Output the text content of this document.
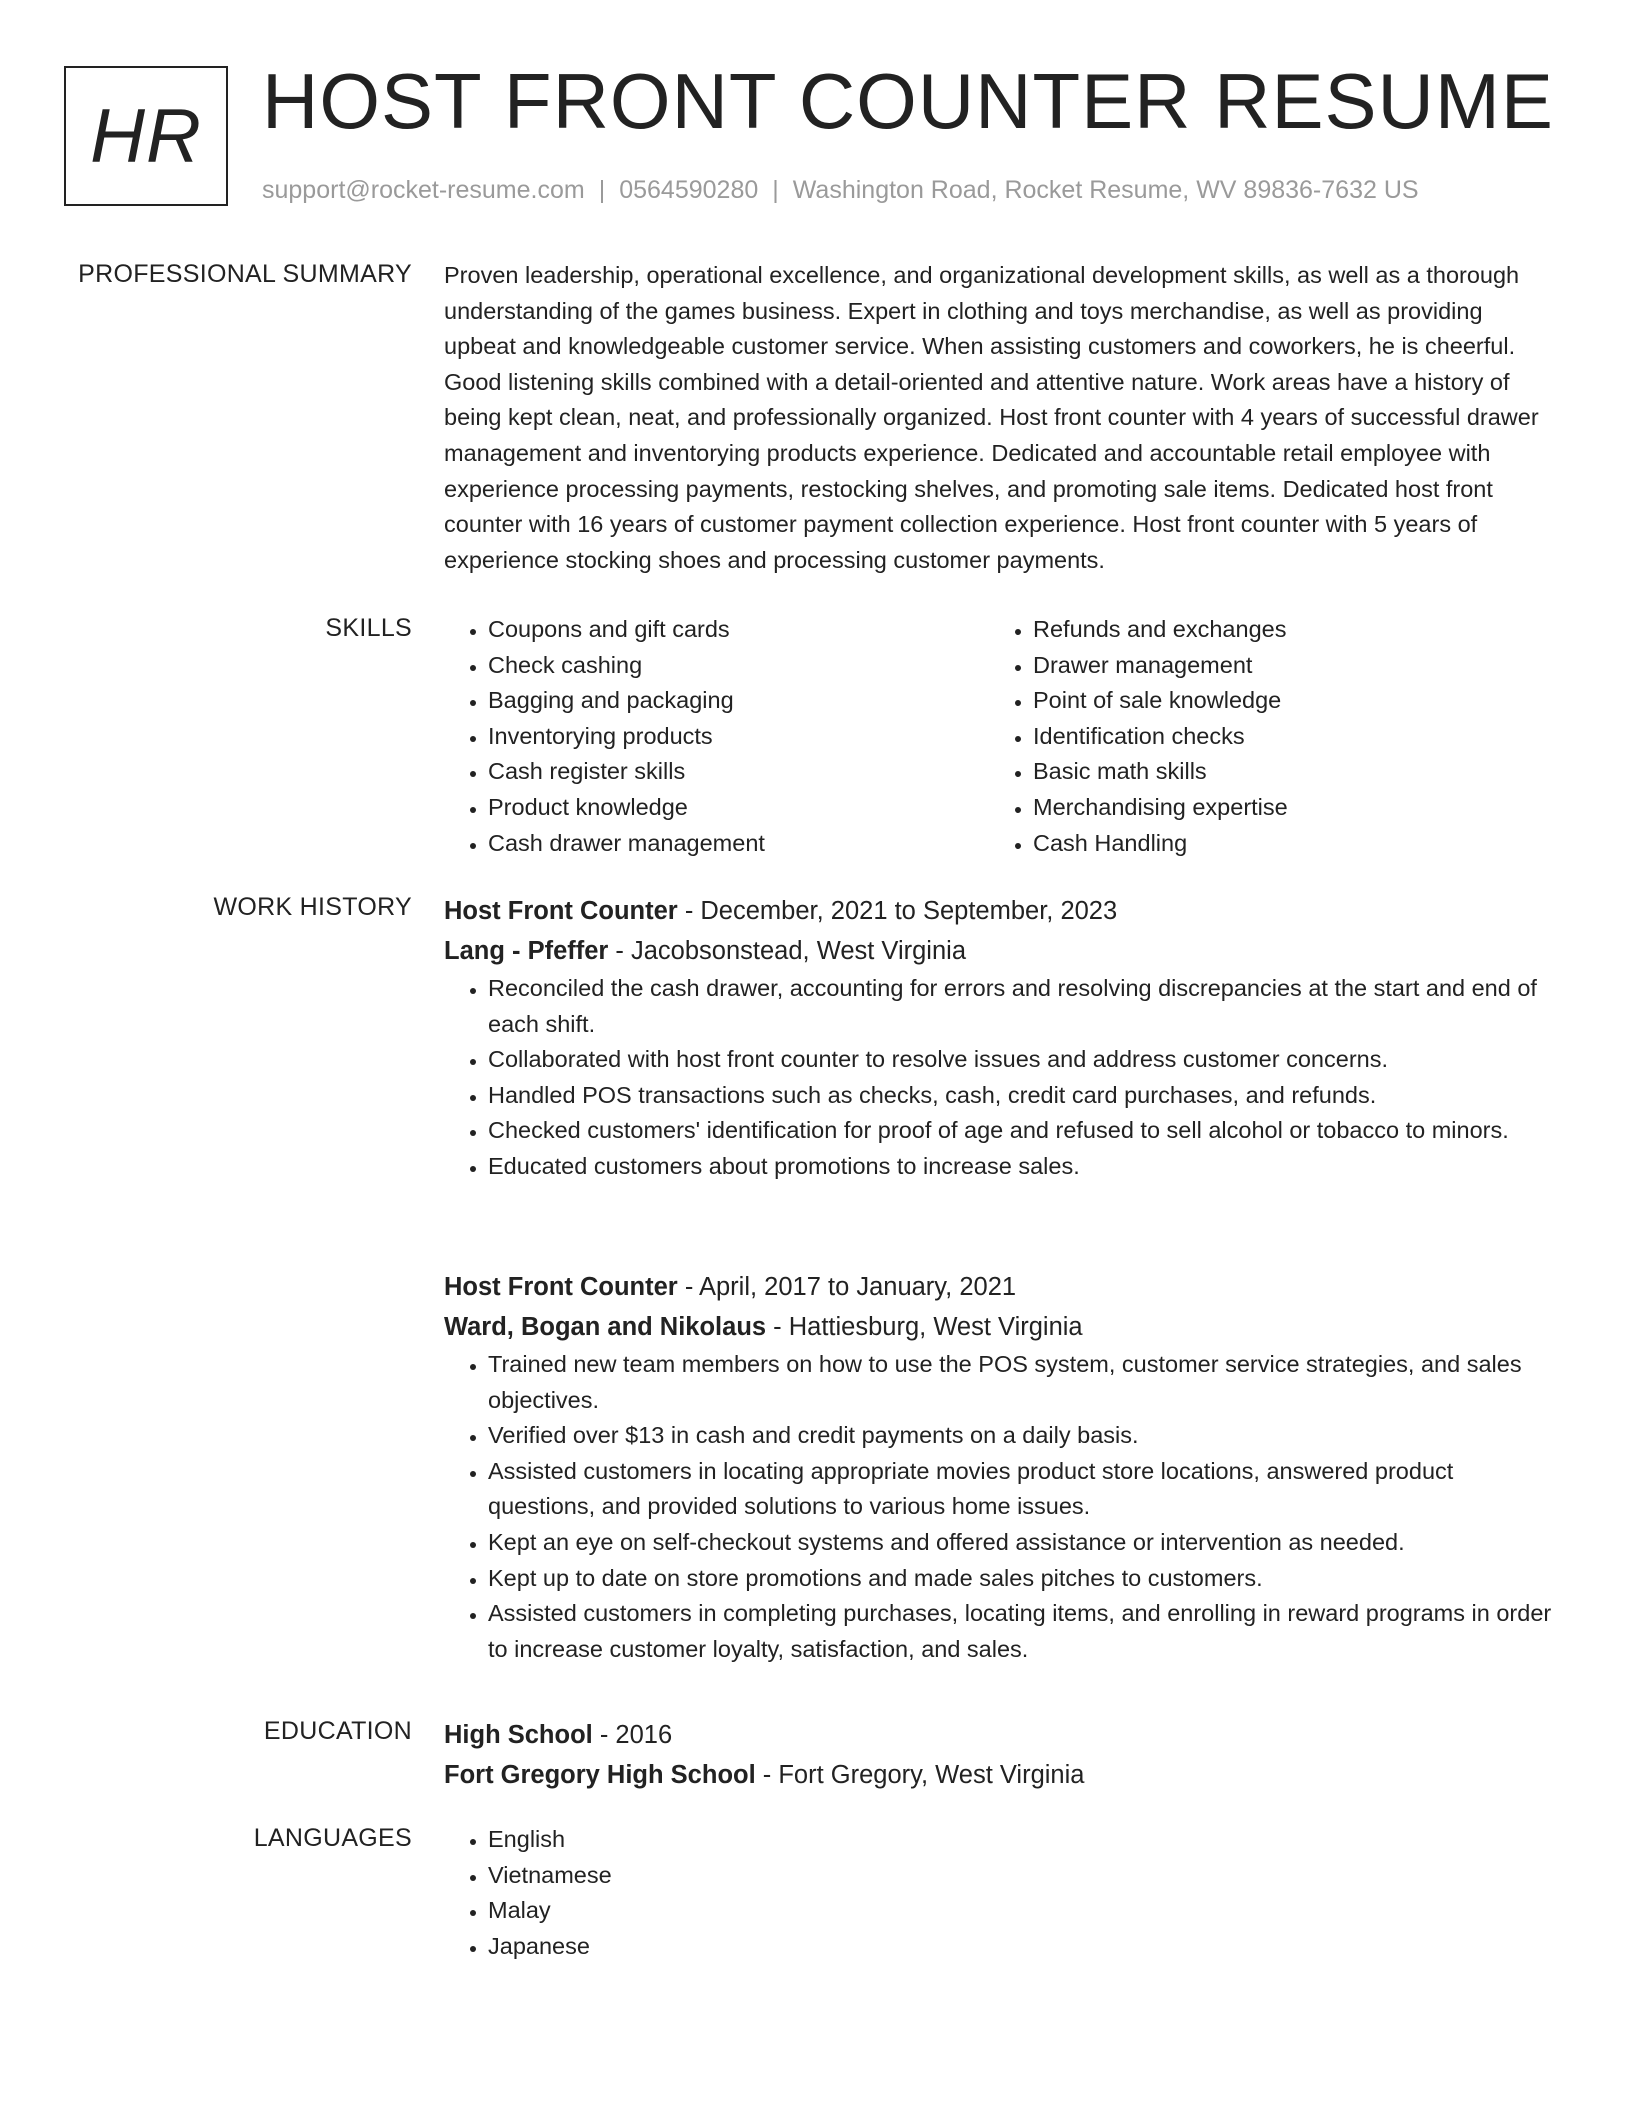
HR HOST FRONT COUNTER RESUME
support@rocket-resume.com | 0564590280 | Washington Road, Rocket Resume, WV 89836-7632 US
PROFESSIONAL SUMMARY Proven leadership, operational excellence, and organizational development skills, as well as a thorough understanding of the games business. Expert in clothing and toys merchandise, as well as providing upbeat and knowledgeable customer service. When assisting customers and coworkers, he is cheerful. Good listening skills combined with a detail-oriented and attentive nature. Work areas have a history of being kept clean, neat, and professionally organized. Host front counter with 4 years of successful drawer management and inventorying products experience. Dedicated and accountable retail employee with experience processing payments, restocking shelves, and promoting sale items. Dedicated host front counter with 16 years of customer payment collection experience. Host front counter with 5 years of experience stocking shoes and processing customer payments.

SKILLS	• Coupons and gift cards
• Check cashing
• Bagging and packaging
• Inventorying products
• Cash register skills
• Product knowledge
• Cash drawer management
• Refunds and exchanges
• Drawer management
• Point of sale knowledge
• Identification checks
• Basic math skills
• Merchandising expertise
• Cash Handling
WORK HISTORY Host Front Counter - December, 2021 to September, 2023
Lang - Pfeffer - Jacobsonstead, West Virginia
• Reconciled the cash drawer, accounting for errors and resolving discrepancies at the start and end of each shift.
• Collaborated with host front counter to resolve issues and address customer concerns.
• Handled POS transactions such as checks, cash, credit card purchases, and refunds.
• Checked customers' identification for proof of age and refused to sell alcohol or tobacco to minors.
• Educated customers about promotions to increase sales.
Host Front Counter - April, 2017 to January, 2021
Ward, Bogan and Nikolaus - Hattiesburg, West Virginia
• Trained new team members on how to use the POS system, customer service strategies, and sales objectives.
• Verified over $13 in cash and credit payments on a daily basis.
• Assisted customers in locating appropriate movies product store locations, answered product questions, and provided solutions to various home issues.
• Kept an eye on self-checkout systems and offered assistance or intervention as needed.
• Kept up to date on store promotions and made sales pitches to customers.
• Assisted customers in completing purchases, locating items, and enrolling in reward programs in order to increase customer loyalty, satisfaction, and sales.
EDUCATION High School - 2016
Fort Gregory High School - Fort Gregory, West Virginia
LANGUAGES	• English
• Vietnamese
• Malay
• Japanese
